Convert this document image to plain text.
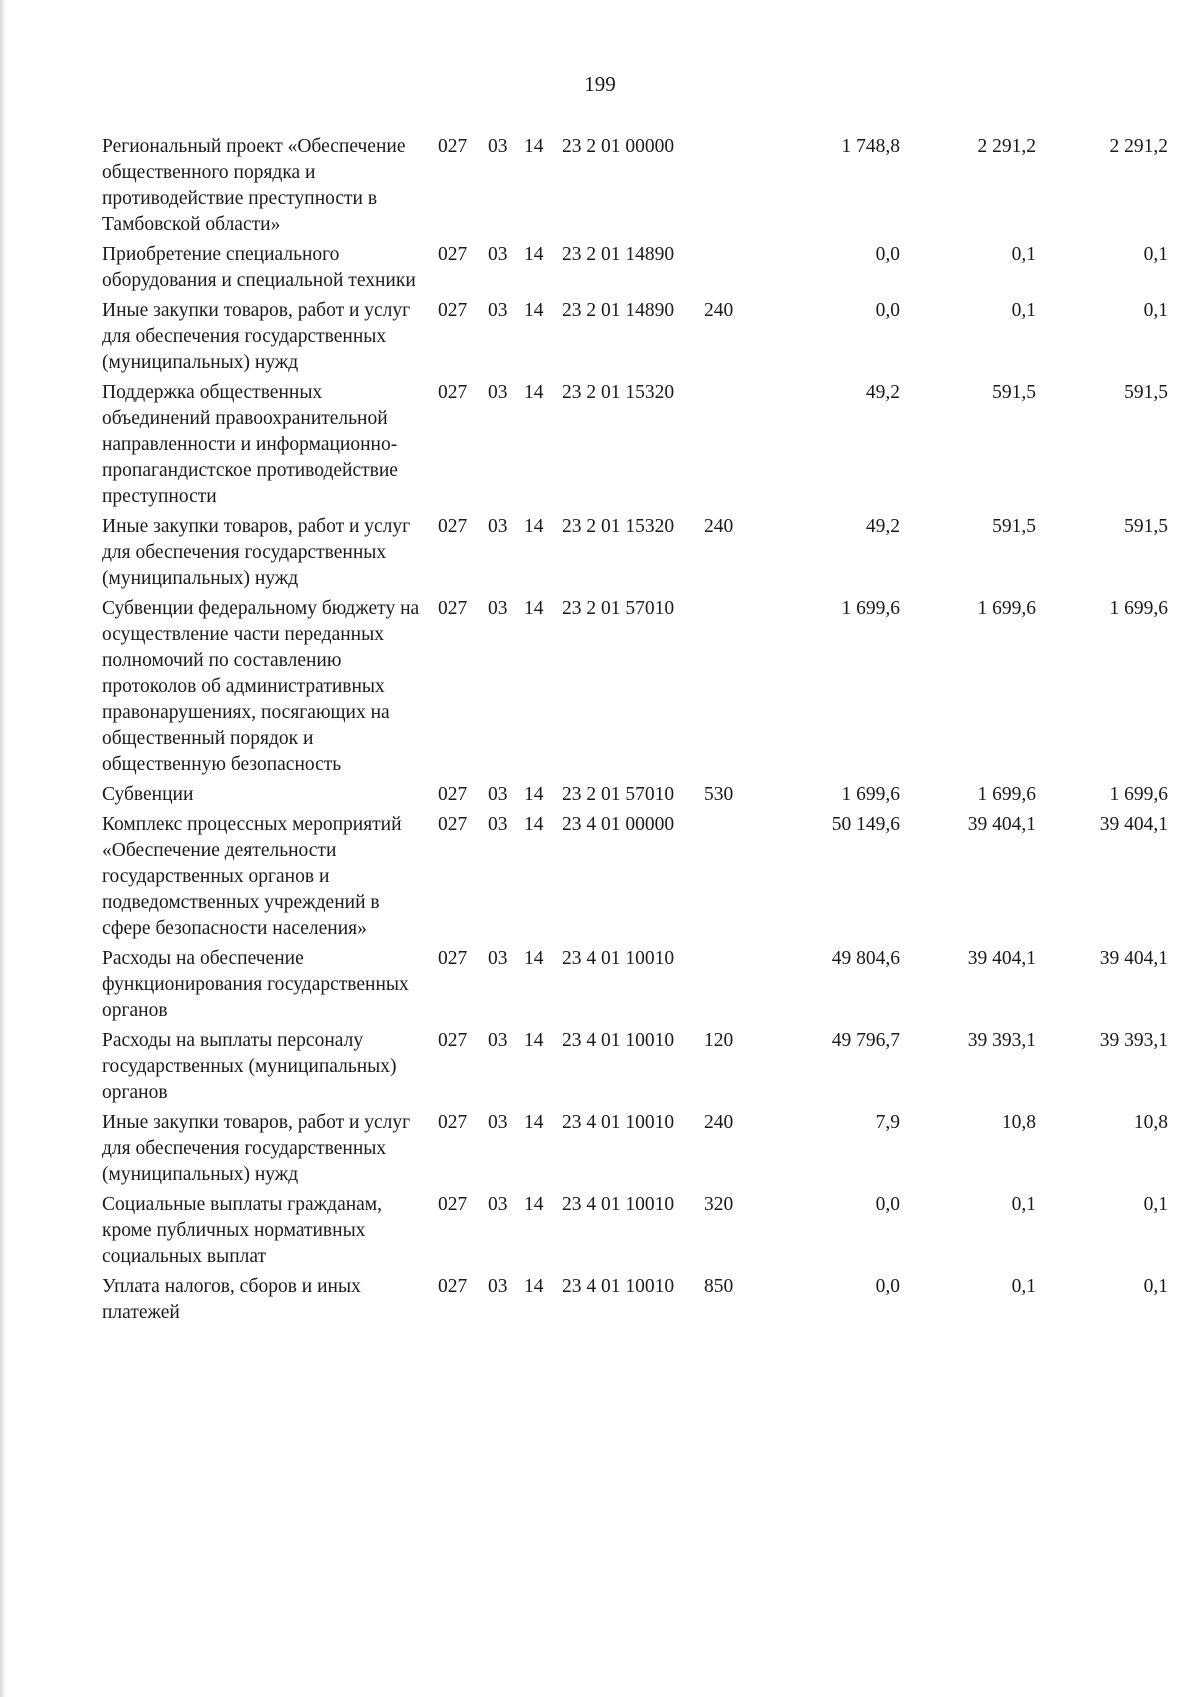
199
Региональный проект «Обеспечение общественного порядка и противодействие преступности в Тамбовской области»	027	03	14	23 2 01 00000		1 748,8	2 291,2	2 291,2
Приобретение специального оборудования и специальной техники	027	03	14	23 2 01 14890		0,0	0,1	0,1
Иные закупки товаров, работ и услуг для обеспечения государственных (муниципальных) нужд	027	03	14	23 2 01 14890	240	0,0	0,1	0,1
Поддержка общественных объединений правоохранительной направленности и информационно-пропагандистское противодействие преступности	027	03	14	23 2 01 15320		49,2	591,5	591,5
Иные закупки товаров, работ и услуг для обеспечения государственных (муниципальных) нужд	027	03	14	23 2 01 15320	240	49,2	591,5	591,5
Субвенции федеральному бюджету на осуществление части переданных полномочий по составлению протоколов об административных правонарушениях, посягающих на общественный порядок и общественную безопасность	027	03	14	23 2 01 57010		1 699,6	1 699,6	1 699,6
Субвенции	027	03	14	23 2 01 57010	530	1 699,6	1 699,6	1 699,6
Комплекс процессных мероприятий «Обеспечение деятельности государственных органов и подведомственных учреждений в сфере безопасности населения»	027	03	14	23 4 01 00000		50 149,6	39 404,1	39 404,1
Расходы на обеспечение функционирования государственных органов	027	03	14	23 4 01 10010		49 804,6	39 404,1	39 404,1
Расходы на выплаты персоналу государственных (муниципальных) органов	027	03	14	23 4 01 10010	120	49 796,7	39 393,1	39 393,1
Иные закупки товаров, работ и услуг для обеспечения государственных (муниципальных) нужд	027	03	14	23 4 01 10010	240	7,9	10,8	10,8
Социальные выплаты гражданам, кроме публичных нормативных социальных выплат	027	03	14	23 4 01 10010	320	0,0	0,1	0,1
Уплата налогов, сборов и иных платежей	027	03	14	23 4 01 10010	850	0,0	0,1	0,1
